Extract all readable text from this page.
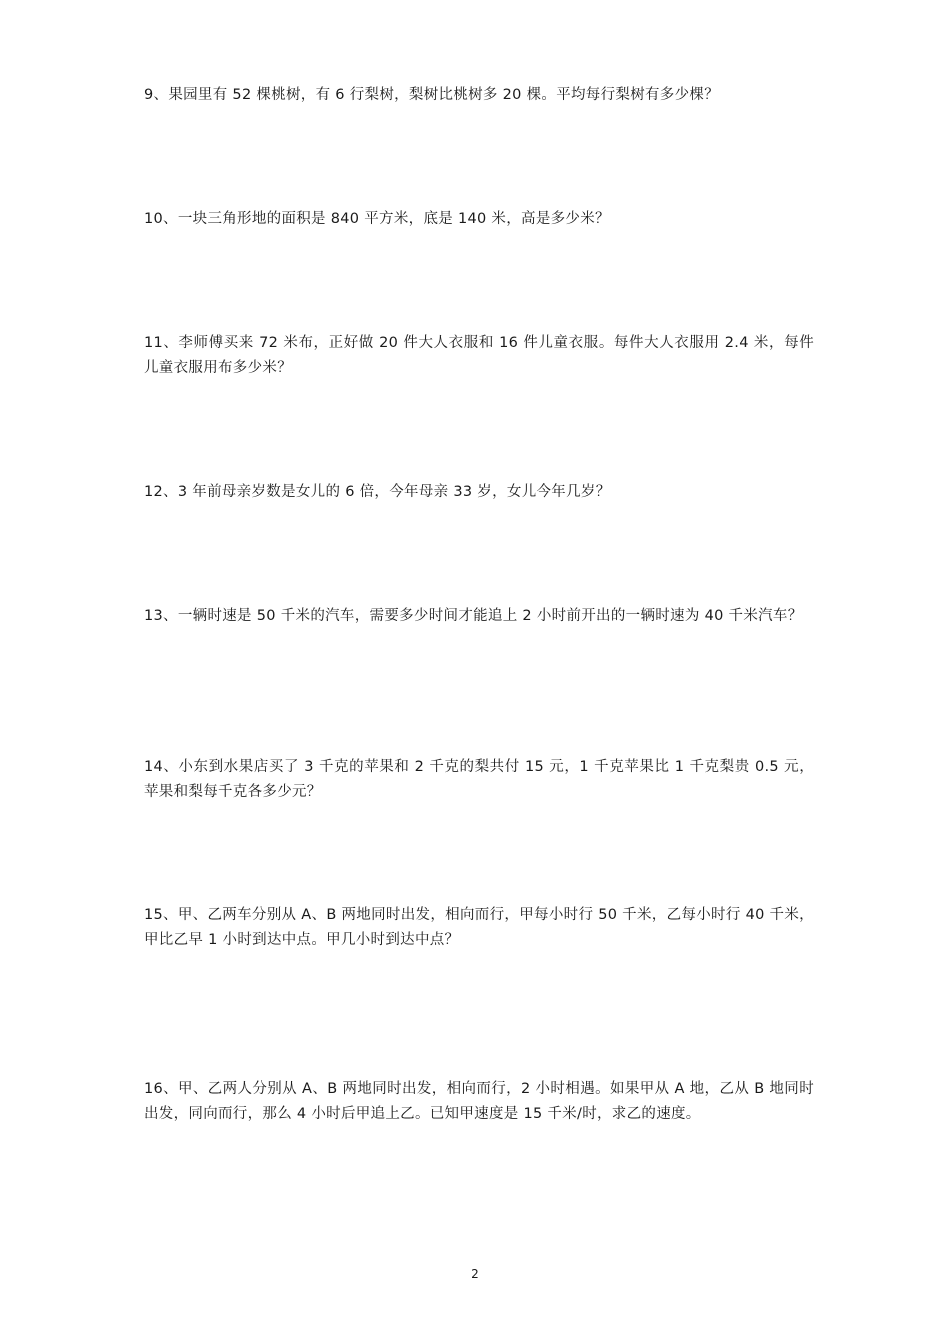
9、果园里有 52 棵桃树，有 6 行梨树，梨树比桃树多 20 棵。平均每行梨树有多少棵？

10、一块三角形地的面积是 840 平方米，底是 140 米，高是多少米？

11、李师傅买来 72 米布，正好做 20 件大人衣服和 16 件儿童衣服。每件大人衣服用 2.4 米，每件儿童衣服用布多少米？

12、3 年前母亲岁数是女儿的 6 倍，今年母亲 33 岁，女儿今年几岁？

13、一辆时速是 50 千米的汽车，需要多少时间才能追上 2 小时前开出的一辆时速为 40 千米汽车？

14、小东到水果店买了 3 千克的苹果和 2 千克的梨共付 15 元，1 千克苹果比 1 千克梨贵 0.5 元，苹果和梨每千克各多少元？

15、甲、乙两车分别从 A、B 两地同时出发，相向而行，甲每小时行 50 千米，乙每小时行 40 千米，甲比乙早 1 小时到达中点。甲几小时到达中点？

16、甲、乙两人分别从 A、B 两地同时出发，相向而行，2 小时相遇。如果甲从 A 地，乙从 B 地同时出发，同向而行，那么 4 小时后甲追上乙。已知甲速度是 15 千米/时，求乙的速度。

2
